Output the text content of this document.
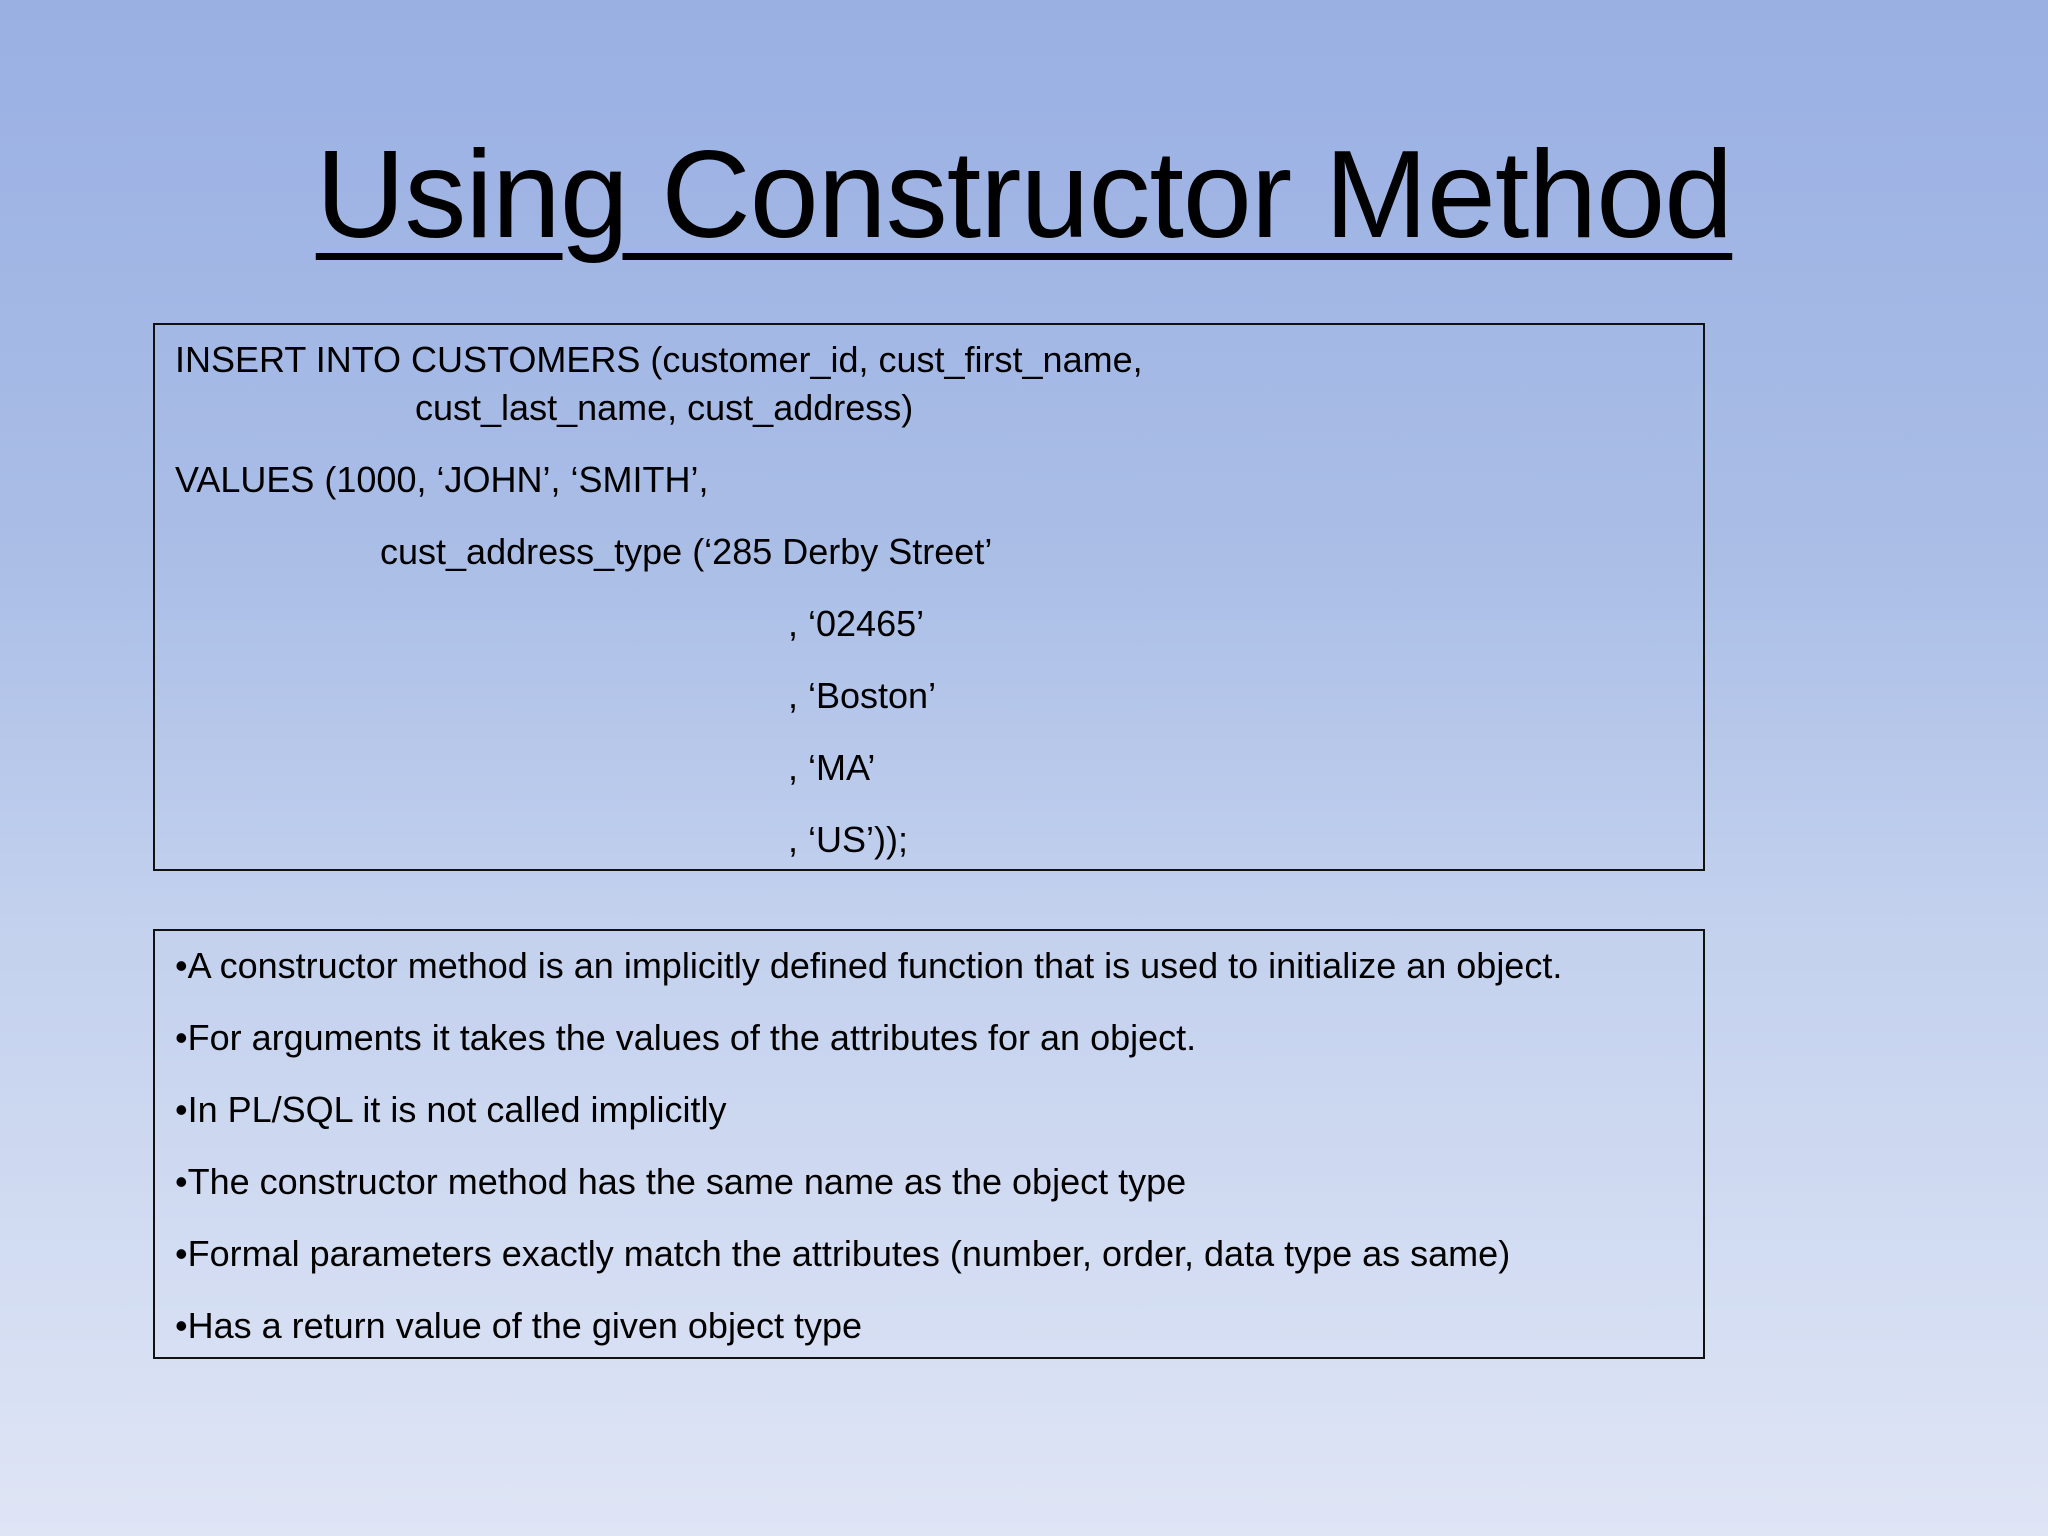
Using Constructor Method
INSERT INTO CUSTOMERS (customer_id, cust_first_name,
cust_last_name, cust_address)
VALUES (1000, ‘JOHN’, ‘SMITH’,
cust_address_type (‘285 Derby Street’
, ‘02465’
, ‘Boston’
, ‘MA’
, ‘US’));
•A constructor method is an implicitly defined function that is used to initialize an object.
•For arguments it takes the values of the attributes for an object.
•In PL/SQL it is not called implicitly
•The constructor method has the same name as the object type
•Formal parameters exactly match the attributes (number, order, data type as same)
•Has a return value of the given object type
